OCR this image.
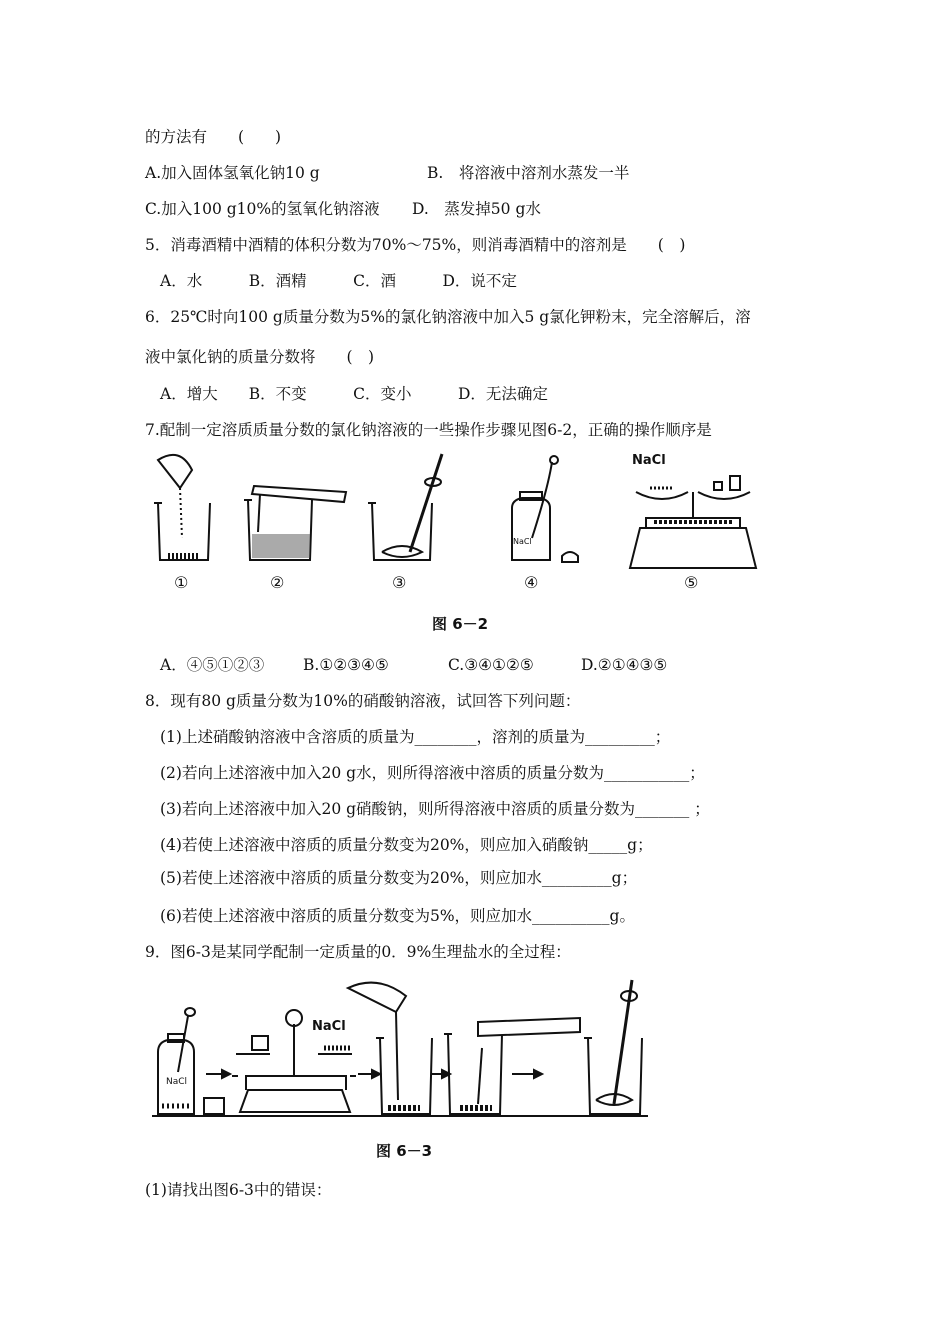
的方法有　　(　　)
A.加入固体氢氧化钠10 g	B.　将溶液中溶剂水蒸发一半
C.加入100 g10%的氢氧化钠溶液 D.　蒸发掉50 g水
5．消毒酒精中酒精的体积分数为70%～75%，则消毒酒精中的溶剂是　　(　)
A．水　　　B．酒精　　　C．酒　　　D．说不定
6．25℃时向100 g质量分数为5%的氯化钠溶液中加入5 g氯化钾粉末，完全溶解后，溶
液中氯化钠的质量分数将　　(　)
A．增大　　B．不变　　　C．变小　　　D．无法确定
7.配制一定溶质质量分数的氯化钠溶液的一些操作步骤见图6-2，正确的操作顺序是
NaCl
NaCl
①	②	③	④	⑤
图 6－2
A．④⑤①②③	B.①②③④⑤	C.③④①②⑤	D.②①④③⑤
8．现有80 g质量分数为10%的硝酸钠溶液，试回答下列问题：
(1)上述硝酸钠溶液中含溶质的质量为________，溶剂的质量为_________；
(2)若向上述溶液中加入20 g水，则所得溶液中溶质的质量分数为___________；
(3)若向上述溶液中加入20 g硝酸钠，则所得溶液中溶质的质量分数为_______ ；
(4)若使上述溶液中溶质的质量分数变为20%，则应加入硝酸钠_____g；
(5)若使上述溶液中溶质的质量分数变为20%，则应加水_________g；
(6)若使上述溶液中溶质的质量分数变为5%，则应加水__________g。
9．图6-3是某同学配制一定质量的0．9%生理盐水的全过程：
NaCl
NaCl
图 6－3
(1)请找出图6-3中的错误：
